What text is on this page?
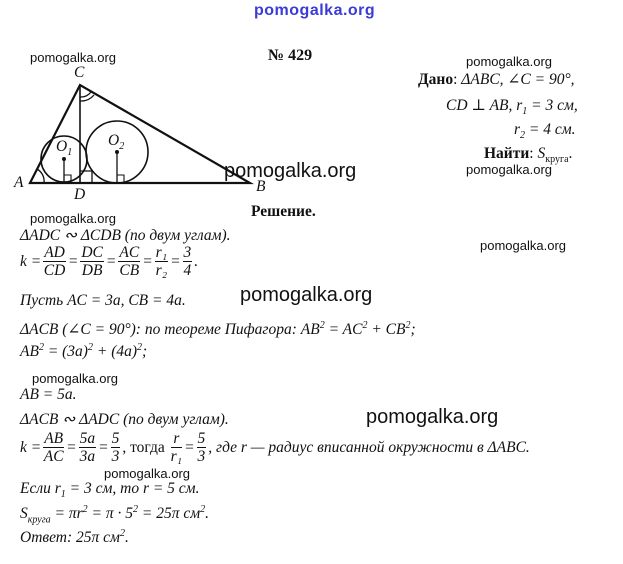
pomogalka.org
№ 429
pomogalka.org	pomogalka.org
pomogalka.org
pomogalka.org
pomogalka.org
pomogalka.org
pomogalka.org
pomogalka.org
pomogalka.org
pomogalka.org
C
A	B
D
$O_1$
$O_2$
Дано: ΔABC, ∠C = 90°,
CD ⊥ AB, $r_1 = 3$ см,
$r_2 = 4$ см.
Найти: $S_{круга}$.
Решение.
ΔADC ∾ ΔCDB (по двум углам).
$k = \frac{AD}{CD} = \frac{DC}{DB} = \frac{AC}{CB} = \frac{\text{r₁}}{\text{r₂}} = \frac{3}{4}$ .
Пусть AC = 3a, CB = 4a.
ΔACB (∠C = 90°): по теореме Пифагора: $AB^2 = AC^2 + CB^2$;
$AB^2 = (3a)^2 + (4a)^2$;
AB = 5a.
ΔACB ∾ ΔADC (по двум углам).
$k = \frac{AB}{AC} = \frac{5a}{3a} = \frac{5}{3}$ , тогда
$\frac{r}{\text{r₁}} = \frac{5}{3}$ , где r — радиус вписанной окружности в ΔABC.
Если $r_1 = 3$ см, то r = 5 см.
$S_{круга} = \pi r^2 = \pi \cdot 5^2 = 25\pi$ $см^2$.
Ответ: 25π $см^2$.
